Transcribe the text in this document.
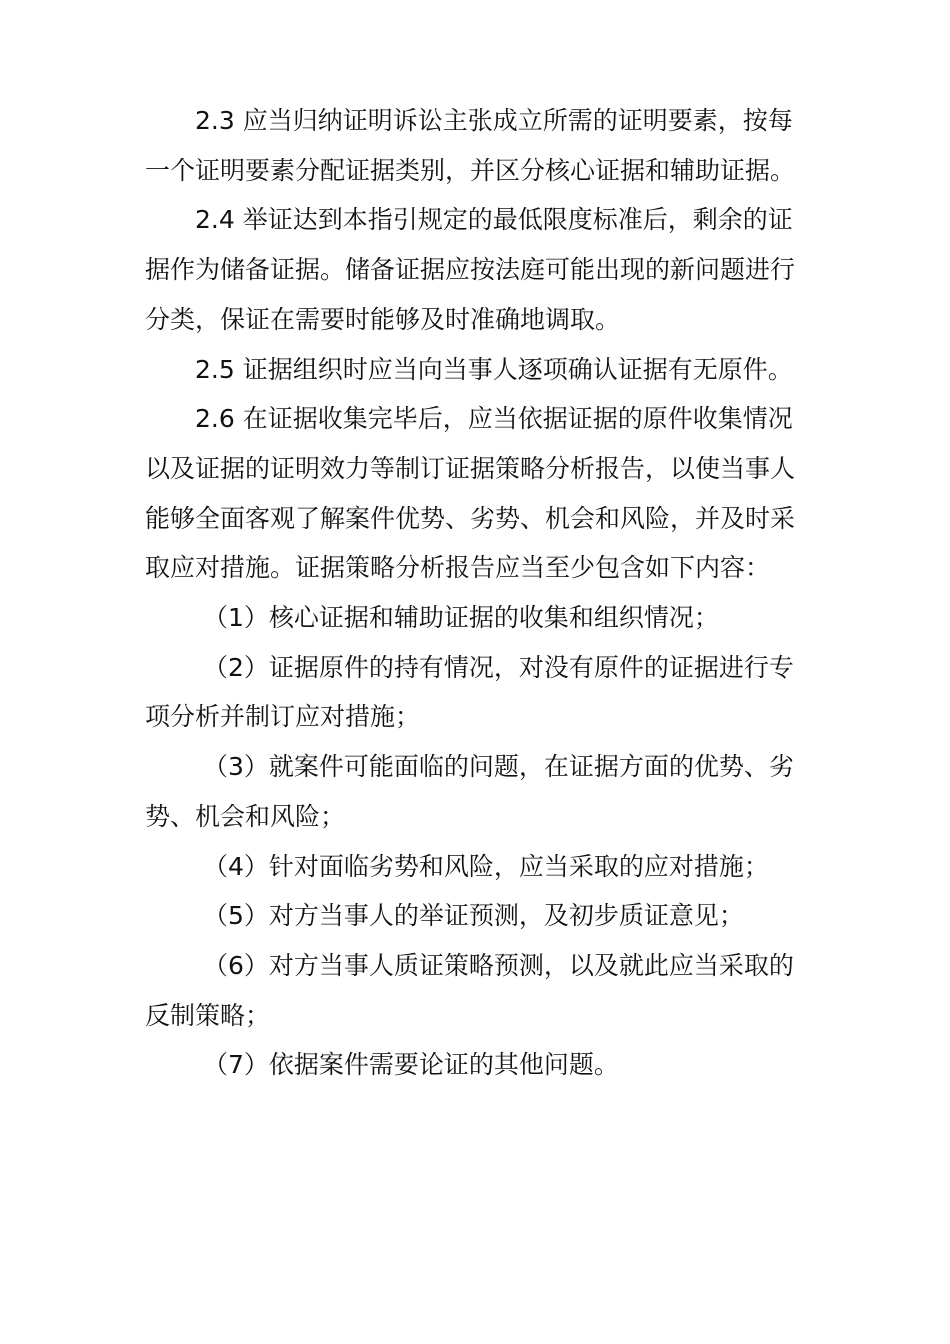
2.3 应当归纳证明诉讼主张成立所需的证明要素，按每一个证明要素分配证据类别，并区分核心证据和辅助证据。

2.4 举证达到本指引规定的最低限度标准后，剩余的证据作为储备证据。储备证据应按法庭可能出现的新问题进行分类，保证在需要时能够及时准确地调取。

2.5 证据组织时应当向当事人逐项确认证据有无原件。

2.6 在证据收集完毕后，应当依据证据的原件收集情况以及证据的证明效力等制订证据策略分析报告，以使当事人能够全面客观了解案件优势、劣势、机会和风险，并及时采取应对措施。证据策略分析报告应当至少包含如下内容：

（1）核心证据和辅助证据的收集和组织情况；

（2）证据原件的持有情况，对没有原件的证据进行专项分析并制订应对措施；

（3）就案件可能面临的问题，在证据方面的优势、劣势、机会和风险；

（4）针对面临劣势和风险，应当采取的应对措施；

（5）对方当事人的举证预测，及初步质证意见；

（6）对方当事人质证策略预测，以及就此应当采取的反制策略；

（7）依据案件需要论证的其他问题。
